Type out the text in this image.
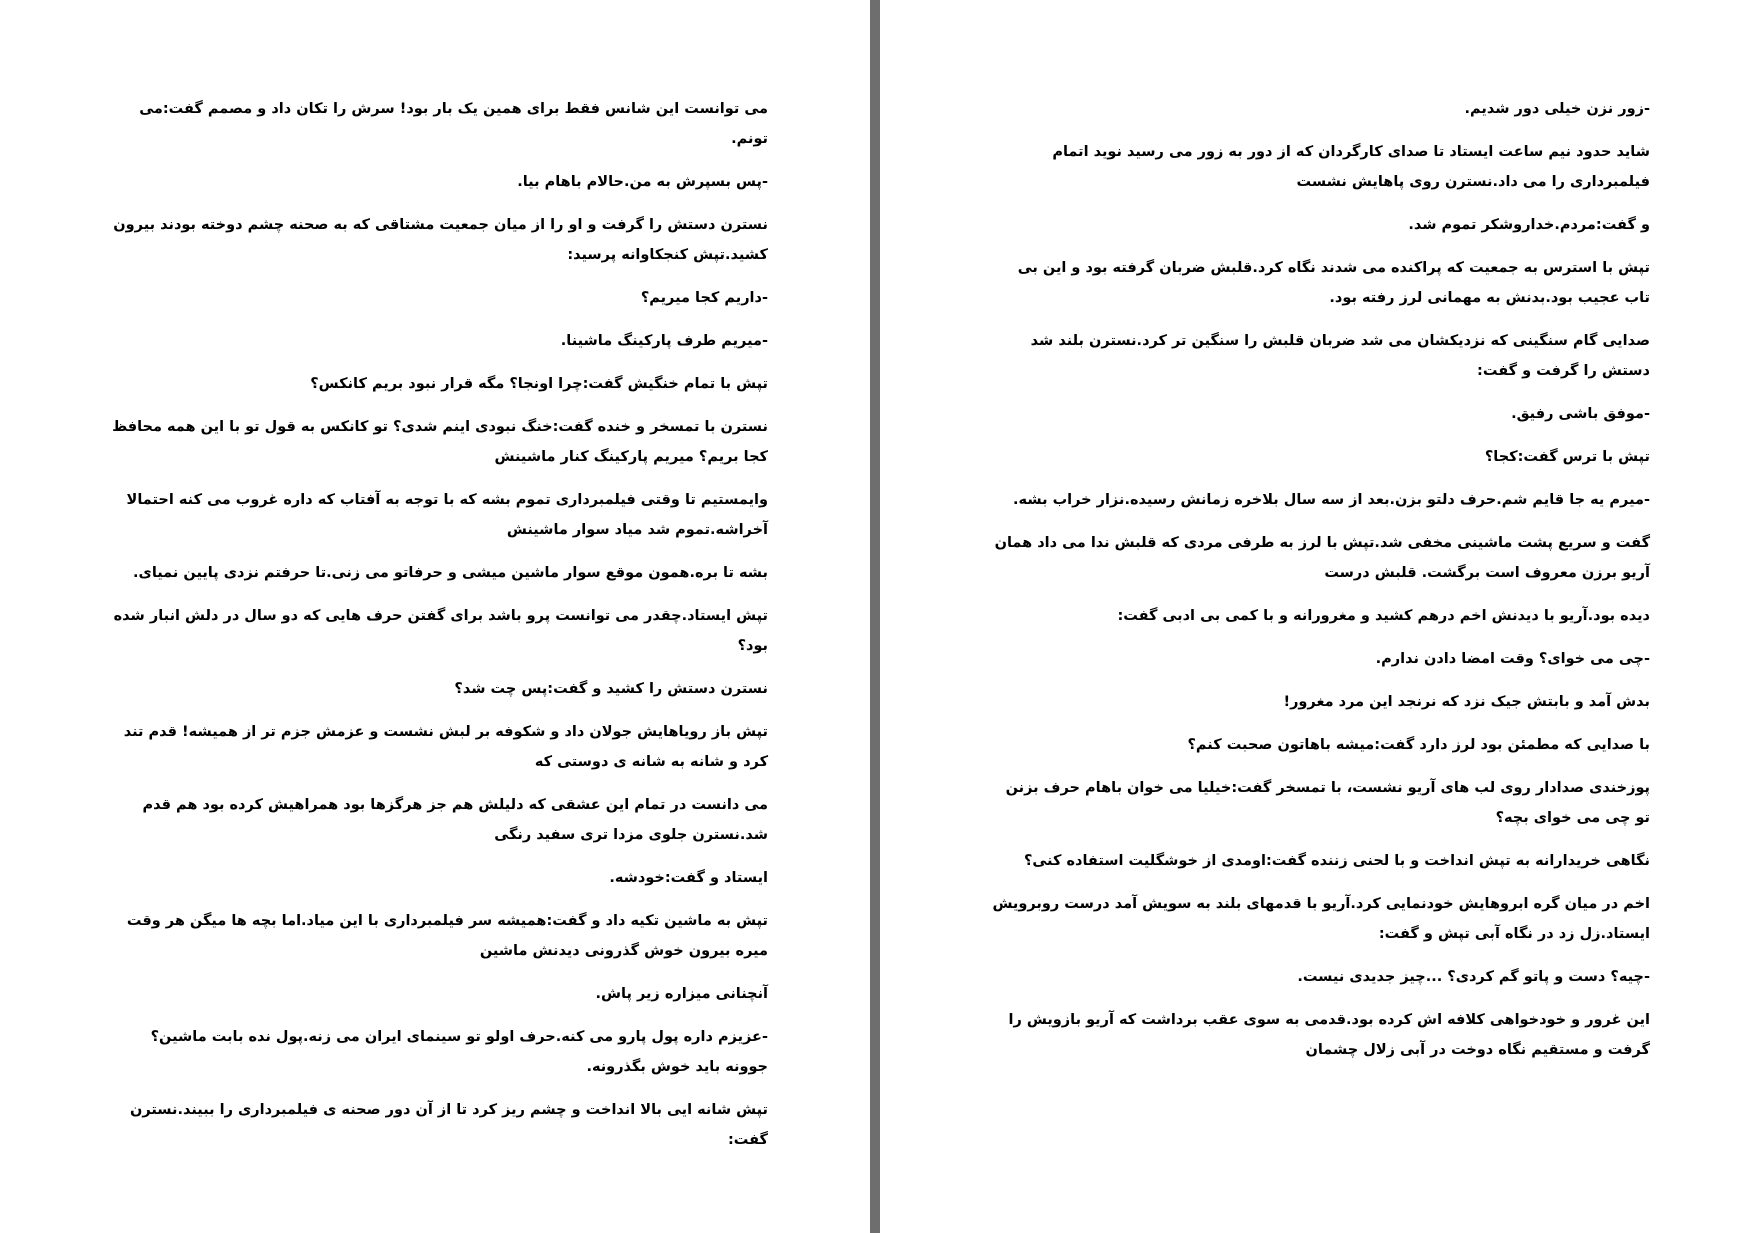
می توانست این شانس فقط برای همین یک بار بود! سرش را تکان داد و مصمم گفت:می تونم.

-پس بسپرش به من.حالام باهام بیا.

نسترن دستش را گرفت و او را از میان جمعیت مشتاقی که به صحنه چشم دوخته بودند بیرون کشید.تپش کنجکاوانه پرسید:

-داریم کجا میریم؟

-میریم طرف پارکینگ ماشینا.

تپش با تمام خنگیش گفت:چرا اونجا؟ مگه قرار نبود بریم کانکس؟

نسترن با تمسخر و خنده گفت:خنگ نبودی اینم شدی؟ تو کانکس به قول تو با این همه محافظ کجا بریم؟ میریم پارکینگ کنار ماشینش

وایمستیم تا وقتی فیلمبرداری تموم بشه که با توجه به آفتاب که داره غروب می کنه احتمالا آخراشه.تموم شد میاد سوار ماشینش

بشه تا بره.همون موقع سوار ماشین میشی و حرفاتو می زنی.تا حرفتم نزدی پایین نمیای.

تپش ایستاد.چقدر می توانست پرو باشد برای گفتن حرف هایی که دو سال در دلش انبار شده بود؟

نسترن دستش را کشید و گفت:پس چت شد؟

تپش باز رویاهایش جولان داد و شکوفه بر لبش نشست و عزمش جزم تر از همیشه! قدم تند کرد و شانه به شانه ی دوستی که

می دانست در تمام این عشقی که دلیلش هم جز هرگزها بود همراهیش کرده بود هم قدم شد.نسترن جلوی مزدا تری سفید رنگی

ایستاد و گفت:خودشه.

تپش به ماشین تکیه داد و گفت:همیشه سر فیلمبرداری با این میاد.اما بچه ها میگن هر وقت میره بیرون خوش گذرونی دیدنش ماشین

آنچنانی میزاره زیر پاش.

-عزیزم داره پول پارو می کنه.حرف اولو تو سینمای ایران می زنه.پول نده بابت ماشین؟ جوونه باید خوش بگذرونه.

تپش شانه ایی بالا انداخت و چشم ریز کرد تا از آن دور صحنه ی فیلمبرداری را ببیند.نسترن گفت:

-زور نزن خیلی دور شدیم.

شاید حدود نیم ساعت ایستاد تا صدای کارگردان که از دور به زور می رسید نوید اتمام فیلمبرداری را می داد.نسترن روی پاهایش نشست

و گفت:مردم.خداروشکر تموم شد.

تپش با استرس به جمعیت که پراکنده می شدند نگاه کرد.قلبش ضربان گرفته بود و این بی تاب عجیب بود.بدنش به مهمانی لرز رفته بود.

صدایی گام سنگینی که نزدیکشان می شد ضربان قلبش را سنگین تر کرد.نسترن بلند شد دستش را گرفت و گفت:

-موفق باشی رفیق.

تپش با ترس گفت:کجا؟

-میرم یه جا قایم شم.حرف دلتو بزن.بعد از سه سال بلاخره زمانش رسیده.نزار خراب بشه.

گفت و سریع پشت ماشینی مخفی شد.تپش با لرز به طرفی مردی که قلبش ندا می داد همان آریو برزن معروف است برگشت. قلبش درست

دیده بود.آریو با دیدنش اخم درهم کشید و مغرورانه و با کمی بی ادبی گفت:

-چی می خوای؟ وقت امضا دادن ندارم.

بدش آمد و بابتش جیک نزد که نرنجد این مرد مغرور!

با صدایی که مطمئن بود لرز دارد گفت:میشه باهاتون صحبت کنم؟

پوزخندی صدادار روی لب های آریو نشست، با تمسخر گفت:خیلیا می خوان باهام حرف بزنن تو چی می خوای بچه؟

نگاهی خریدارانه به تپش انداخت و با لحنی زننده گفت:اومدی از خوشگلیت استفاده کنی؟

اخم در میان گره ابروهایش خودنمایی کرد.آریو با قدمهای بلند به سویش آمد درست روبرویش ایستاد.زل زد در نگاه آبی تپش و گفت:

-چیه؟ دست و پاتو گم کردی؟ ...چیز جدیدی نیست.

این غرور و خودخواهی کلافه اش کرده بود.قدمی به سوی عقب برداشت که آریو بازویش را گرفت و مستقیم نگاه دوخت در آبی زلال چشمان
